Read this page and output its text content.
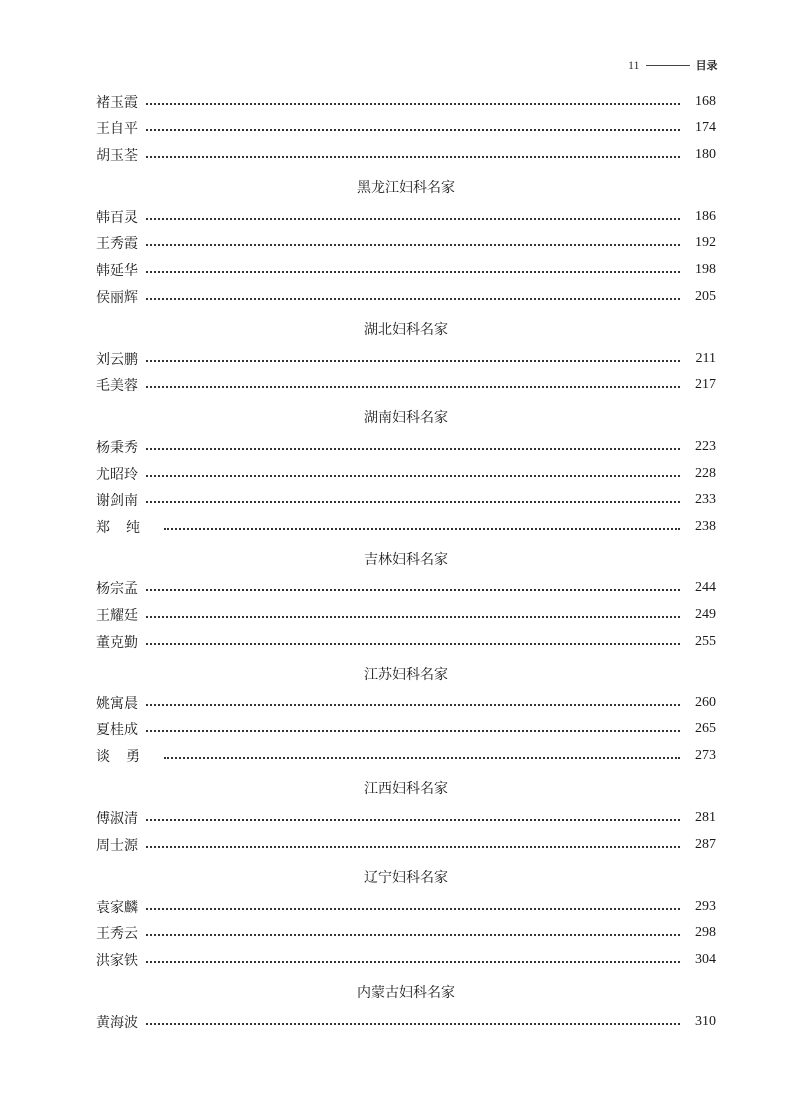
11	目录
褚玉霞	168
王自平	174
胡玉荃	180
黑龙江妇科名家
韩百灵	186
王秀霞	192
韩延华	198
侯丽辉	205
湖北妇科名家
刘云鹏	211
毛美蓉	217
湖南妇科名家
杨秉秀	223
尤昭玲	228
谢剑南	233
郑纯	238
吉林妇科名家
杨宗孟	244
王耀廷	249
董克勤	255
江苏妇科名家
姚寓晨	260
夏桂成	265
谈勇	273
江西妇科名家
傅淑清	281
周士源	287
辽宁妇科名家
袁家麟	293
王秀云	298
洪家铁	304
内蒙古妇科名家
黄海波	310
